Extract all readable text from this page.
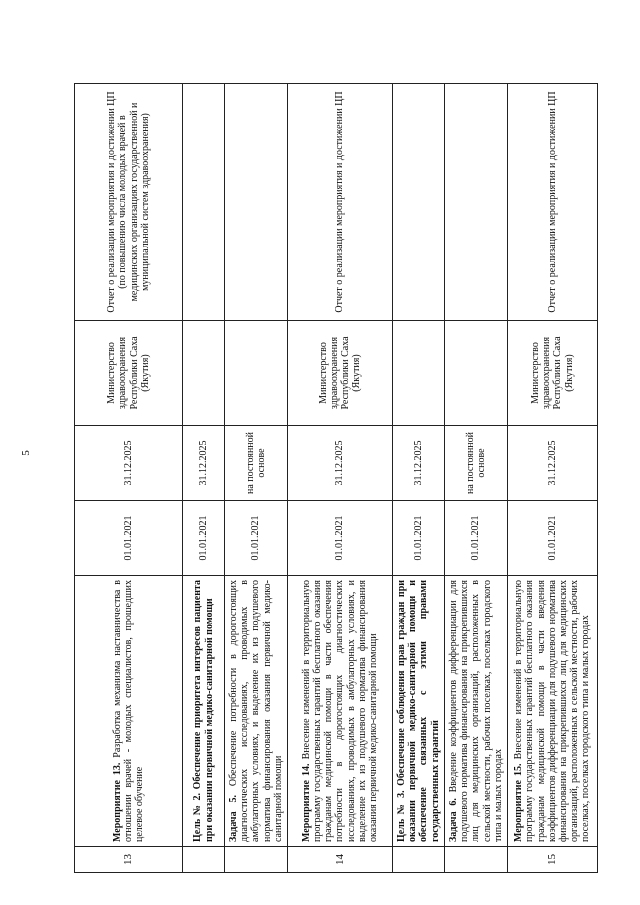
5
13	Мероприятие 13. Разработка механизма наставничества в отношении врачей - молодых специалистов, прошедших целевое обучение	01.01.2021	31.12.2025	Министерство здравоохранения Республики Саха (Якутия)	Отчет о реализации мероприятия и достижении ЦП (по повышению числа молодых врачей в медицинских организациях государственной и муниципальной систем здравоохранения)
	Цель № 2. Обеспечение приоритета интересов пациента при оказании первичной медико-санитарной помощи	01.01.2021	31.12.2025		
	Задача 5. Обеспечение потребности в дорогостоящих диагностических исследованиях, проводимых в амбулаторных условиях, и выделение их из подушевого норматива финансирования оказания первичной медико-санитарной помощи	01.01.2021	на постоянной основе		
14	Мероприятие 14. Внесение изменений в территориальную программу государственных гарантий бесплатного оказания гражданам медицинской помощи в части обеспечения потребности в дорогостоящих диагностических исследованиях, проводимых в амбулаторных условиях, и выделение их из подушевого норматива финансирования оказания первичной медико-санитарной помощи	01.01.2021	31.12.2025	Министерство здравоохранения Республики Саха (Якутия)	Отчет о реализации мероприятия и достижении ЦП
	Цель № 3. Обеспечение соблюдения прав граждан при оказании первичной медико-санитарной помощи и обеспечение связанных с этими правами государственных гарантий	01.01.2021	31.12.2025		
	Задача 6. Введение коэффициентов дифференциации для подушевого норматива финансирования на прикрепившихся лиц для медицинских организаций, расположенных в сельской местности, рабочих поселках, поселках городского типа и малых городах	01.01.2021	на постоянной основе		
15	Мероприятие 15. Внесение изменений в территориальную программу государственных гарантий бесплатного оказания гражданам медицинской помощи в части введения коэффициентов дифференциации для подушевого норматива финансирования на прикрепившихся лиц для медицинских организаций, расположенных в сельской местности, рабочих поселках, поселках городского типа и малых городах	01.01.2021	31.12.2025	Министерство здравоохранения Республики Саха (Якутия)	Отчет о реализации мероприятия и достижении ЦП
